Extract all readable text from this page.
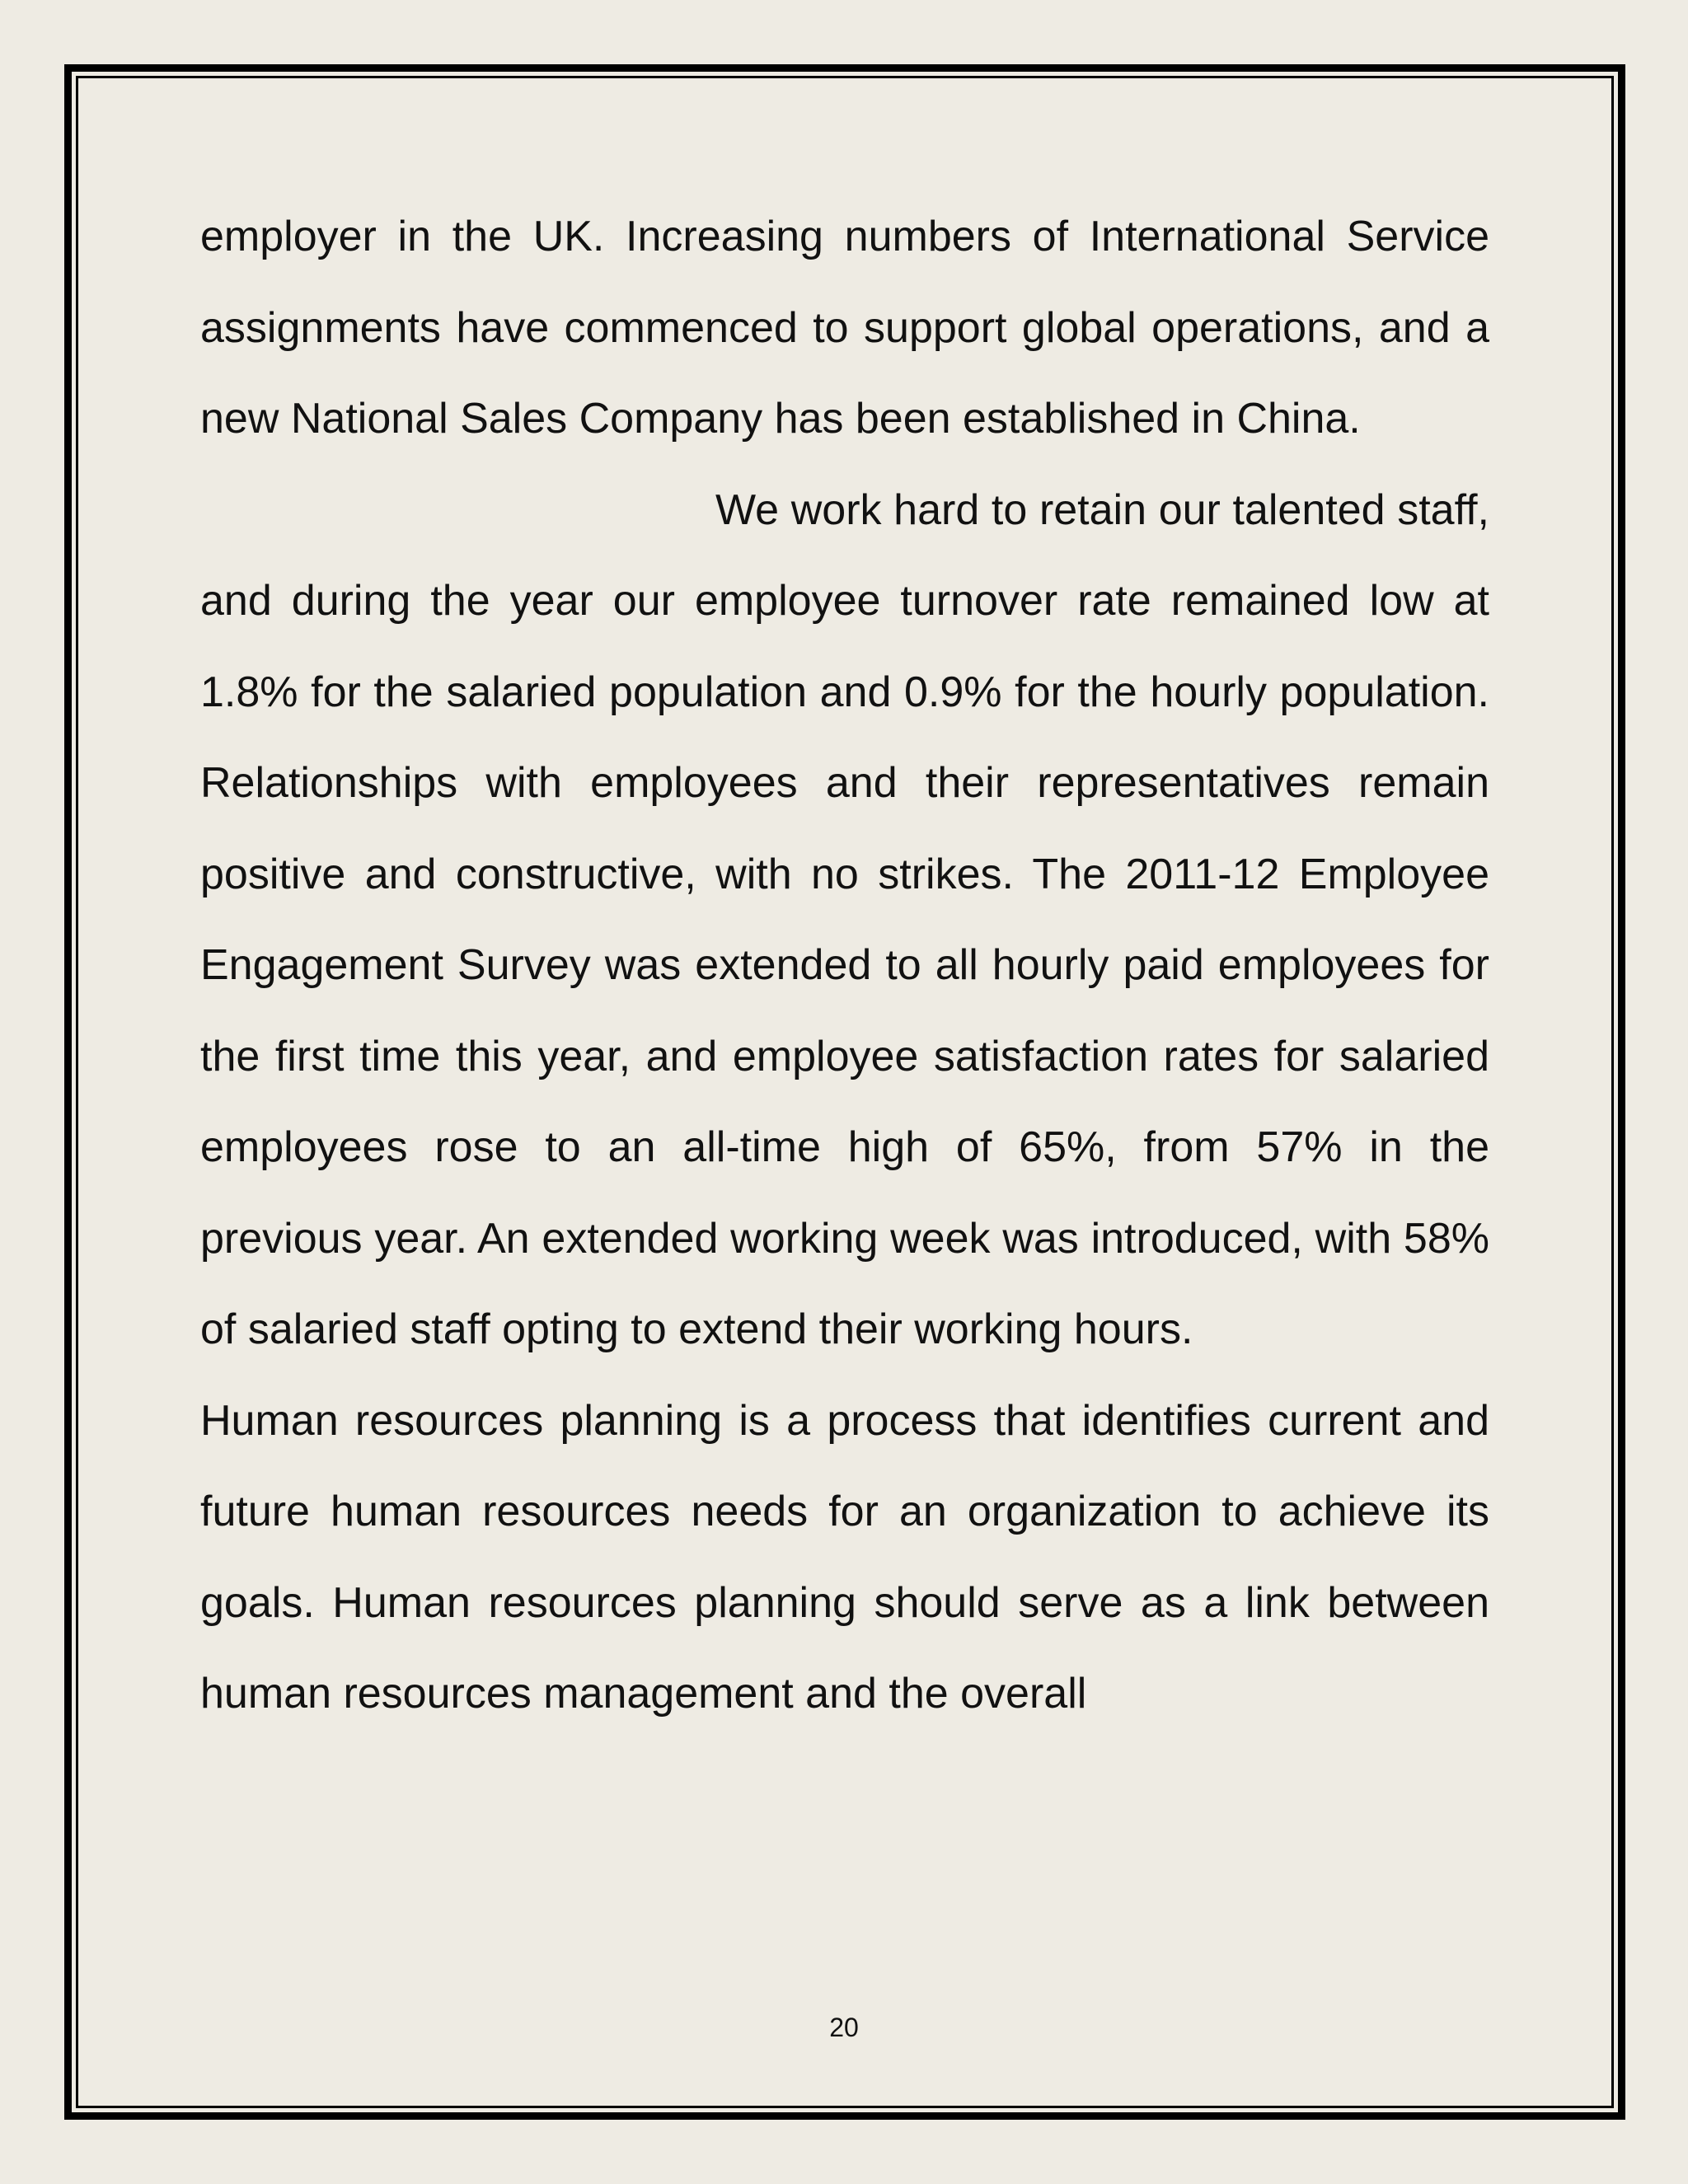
employer in the UK. Increasing numbers of International Service assignments have commenced to support global operations, and a new National Sales Company has been established in China.

We work hard to retain our talented staff, and during the year our employee turnover rate remained low at 1.8% for the salaried population and 0.9% for the hourly population. Relationships with employees and their representatives remain positive and constructive, with no strikes. The 2011-12 Employee Engagement Survey was extended to all hourly paid employees for the first time this year, and employee satisfaction rates for salaried employees rose to an all-time high of 65%, from 57% in the previous year. An extended working week was introduced, with 58% of salaried staff opting to extend their working hours.

Human resources planning is a process that identifies current and future human resources needs for an organization to achieve its goals. Human resources planning should serve as a link between human resources management and the overall

20
